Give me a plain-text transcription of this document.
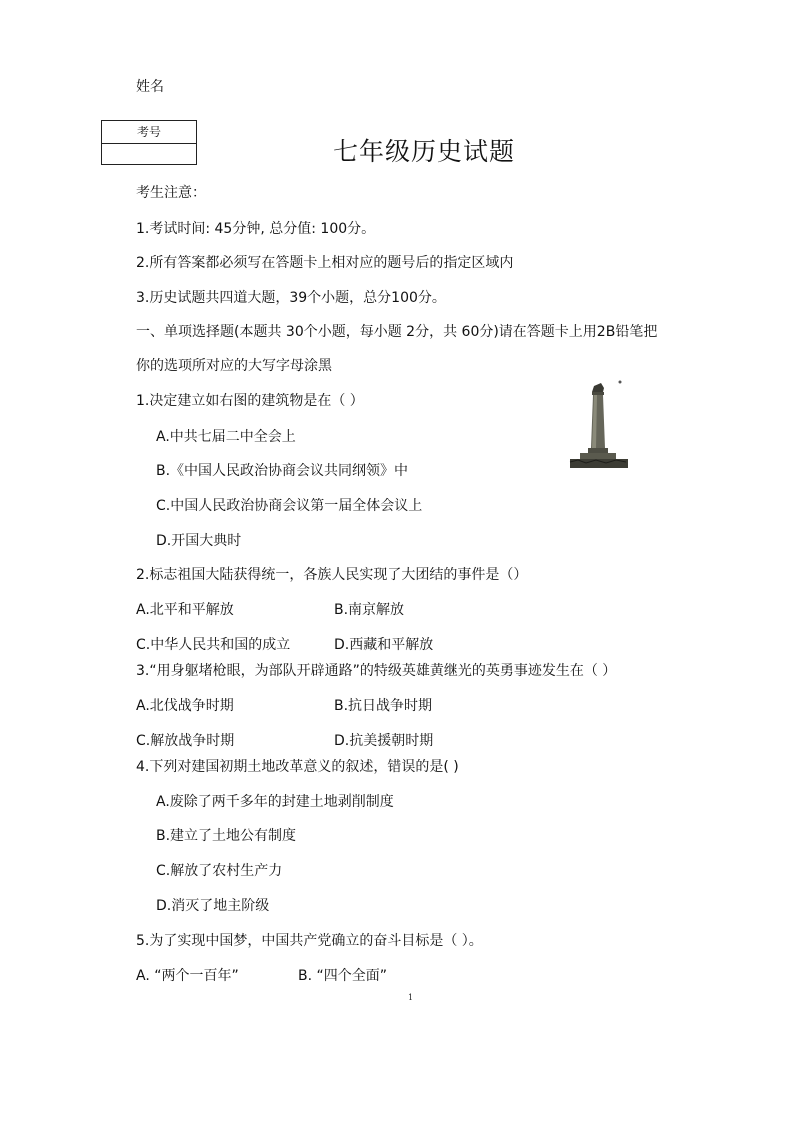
姓名
考号
七年级历史试题
考生注意：
1.考试时间: 45分钟, 总分值: 100分。
2.所有答案都必须写在答题卡上相对应的题号后的指定区域内
3.历史试题共四道大题，39个小题，总分100分。
一、单项选择题(本题共 30个小题，每小题 2分，共 60分)请在答题卡上用2B铅笔把
你的选项所对应的大写字母涂黑
1.决定建立如右图的建筑物是在（ ）
A.中共七届二中全会上
B.《中国人民政治协商会议共同纲领》中
C.中国人民政治协商会议第一届全体会议上
D.开国大典时
2.标志祖国大陆获得统一，各族人民实现了大团结的事件是（）
A.北平和平解放	B.南京解放
C.中华人民共和国的成立	D.西藏和平解放
3.“用身躯堵枪眼，为部队开辟通路”的特级英雄黄继光的英勇事迹发生在（ ）
A.北伐战争时期	B.抗日战争时期
C.解放战争时期	D.抗美援朝时期
4.下列对建国初期土地改革意义的叙述，错误的是( )
A.废除了两千多年的封建土地剥削制度
B.建立了土地公有制度
C.解放了农村生产力
D.消灭了地主阶级
5.为了实现中国梦，中国共产党确立的奋斗目标是（ ）。
A. “两个一百年”	B. “四个全面”
1
